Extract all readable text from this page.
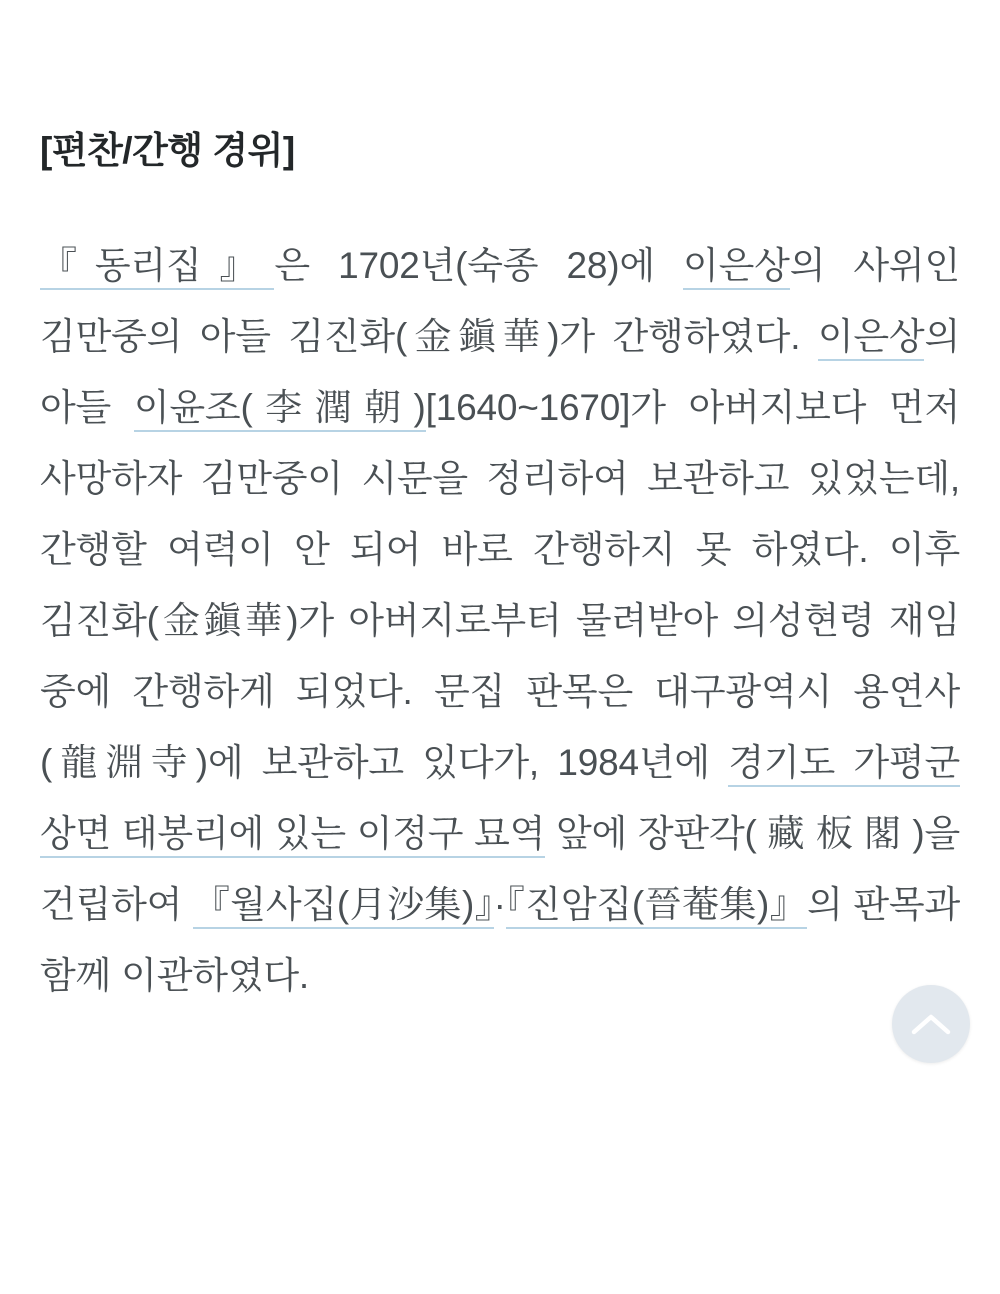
[편찬/간행 경위]

『동리집』은 1702년(숙종 28)에 이은상의 사위인 김만중의 아들 김진화(金鎭華)가 간행하였다. 이은상의 아들 이윤조(李潤朝)[1640~1670]가 아버지보다 먼저 사망하자 김만중이 시문을 정리하여 보관하고 있었는데, 간행할 여력이 안 되어 바로 간행하지 못 하였다. 이후 김진화(金鎭華)가 아버지로부터 물려받아 의성현령 재임 중에 간행하게 되었다. 문집 판목은 대구광역시 용연사(龍淵寺)에 보관하고 있다가, 1984년에 경기도 가평군 상면 태봉리에 있는 이정구 묘역 앞에 장판각( 藏 板 閣 )을 건립하여 『월사집(月沙集)』·『진암집(晉菴集)』의 판목과 함께 이관하였다.
